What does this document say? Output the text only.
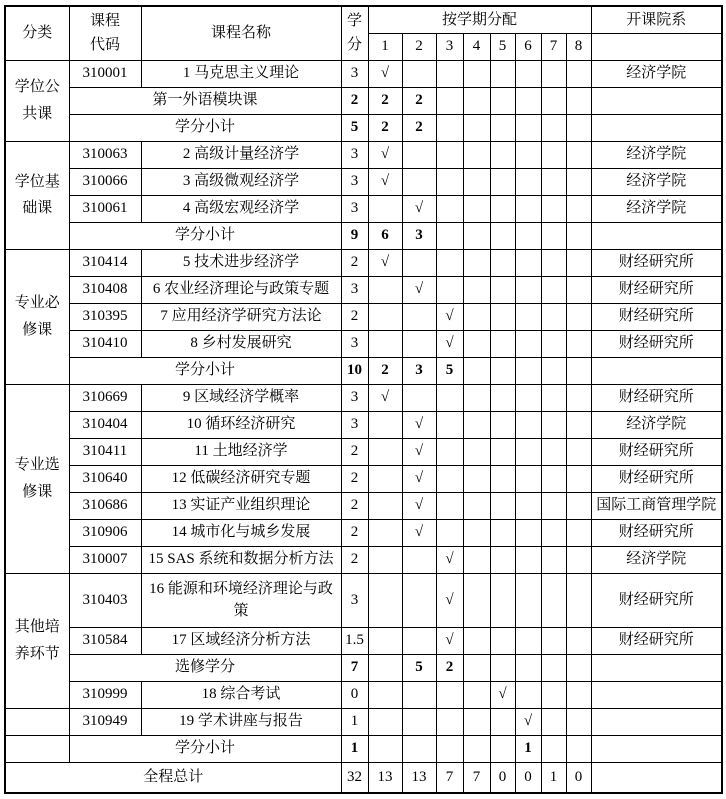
分类	课程代码	课程名称	学分	按学期分配								开课院系
				1	2	3	4	5	6	7	8	
学位公共课	310001	1 马克思主义理论	3	√								经济学院
	第一外语模块课		2	2	2							
	学分小计		5	2	2							
学位基础课	310063	2 高级计量经济学	3	√								经济学院
	310066	3 高级微观经济学	3	√								经济学院
	310061	4 高级宏观经济学	3		√							经济学院
	学分小计		9	6	3							
专业必修课	310414	5 技术进步经济学	2	√								财经研究所
	310408	6 农业经济理论与政策专题	3		√							财经研究所
	310395	7 应用经济学研究方法论	2			√						财经研究所
	310410	8 乡村发展研究	3			√						财经研究所
	学分小计		10	2	3	5						
专业选修课	310669	9 区域经济学概率	3	√								财经研究所
	310404	10 循环经济研究	3		√							经济学院
	310411	11 土地经济学	2		√							财经研究所
	310640	12 低碳经济研究专题	2		√							财经研究所
	310686	13 实证产业组织理论	2		√							国际工商管理学院
	310906	14 城市化与城乡发展	2		√							财经研究所
	310007	15 SAS 系统和数据分析方法	2			√						经济学院
其他培养环节	310403	16 能源和环境经济理论与政策	3			√						财经研究所
	310584	17 区域经济分析方法	1.5			√						财经研究所
	选修学分		7		5	2						
	310999	18 综合考试	0					√				
	310949	19 学术讲座与报告	1						√			
	学分小计		1						1			
全程总计			32	13	13	7	7	0	0	1	0	
